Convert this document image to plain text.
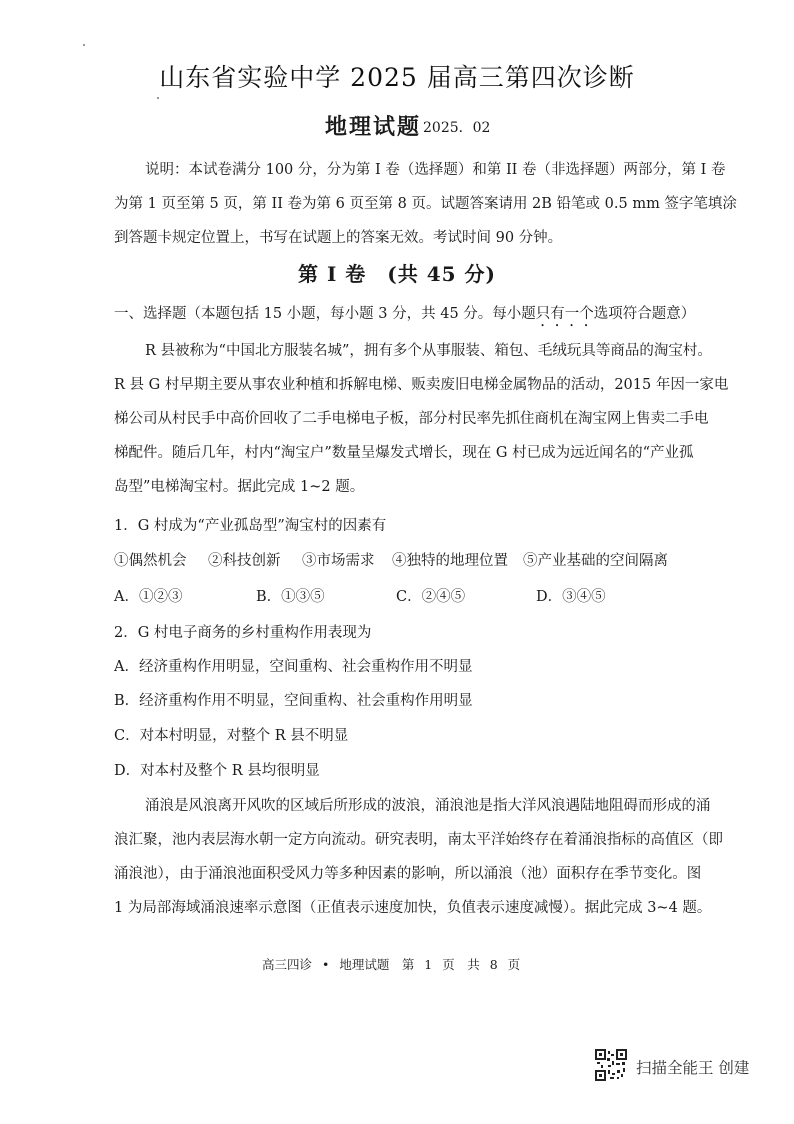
山东省实验中学 2025 届高三第四次诊断
地理试题 2025．02
说明：本试卷满分 100 分，分为第 I 卷（选择题）和第 II 卷（非选择题）两部分，第 I 卷
为第 1 页至第 5 页，第 II 卷为第 6 页至第 8 页。试题答案请用 2B 铅笔或 0.5 mm 签字笔填涂
到答题卡规定位置上，书写在试题上的答案无效。考试时间 90 分钟。
第 I 卷　(共 45 分)
一、选择题（本题包括 15 小题，每小题 3 分，共 45 分。每小题只有一个选项符合题意）
R 县被称为“中国北方服装名城”，拥有多个从事服装、箱包、毛绒玩具等商品的淘宝村。
R 县 G 村早期主要从事农业种植和拆解电梯、贩卖废旧电梯金属物品的活动，2015 年因一家电
梯公司从村民手中高价回收了二手电梯电子板，部分村民率先抓住商机在淘宝网上售卖二手电
梯配件。随后几年，村内“淘宝户”数量呈爆发式增长，现在 G 村已成为远近闻名的“产业孤
岛型”电梯淘宝村。据此完成 1~2 题。
1．G 村成为“产业孤岛型”淘宝村的因素有
①偶然机会 ②科技创新 ③市场需求 ④独特的地理位置 ⑤产业基础的空间隔离
A．①②③	B．①③⑤	C．②④⑤	D．③④⑤
2．G 村电子商务的乡村重构作用表现为
A．经济重构作用明显，空间重构、社会重构作用不明显
B．经济重构作用不明显，空间重构、社会重构作用明显
C．对本村明显，对整个 R 县不明显
D．对本村及整个 R 县均很明显
涌浪是风浪离开风吹的区域后所形成的波浪，涌浪池是指大洋风浪遇陆地阻碍而形成的涌
浪汇聚，池内表层海水朝一定方向流动。研究表明，南太平洋始终存在着涌浪指标的高值区（即
涌浪池），由于涌浪池面积受风力等多种因素的影响，所以涌浪（池）面积存在季节变化。图
1 为局部海域涌浪速率示意图（正值表示速度加快，负值表示速度减慢）。据此完成 3~4 题。
高三四诊 • 地理试题　第 1 页　共 8 页
扫描全能王 创建
